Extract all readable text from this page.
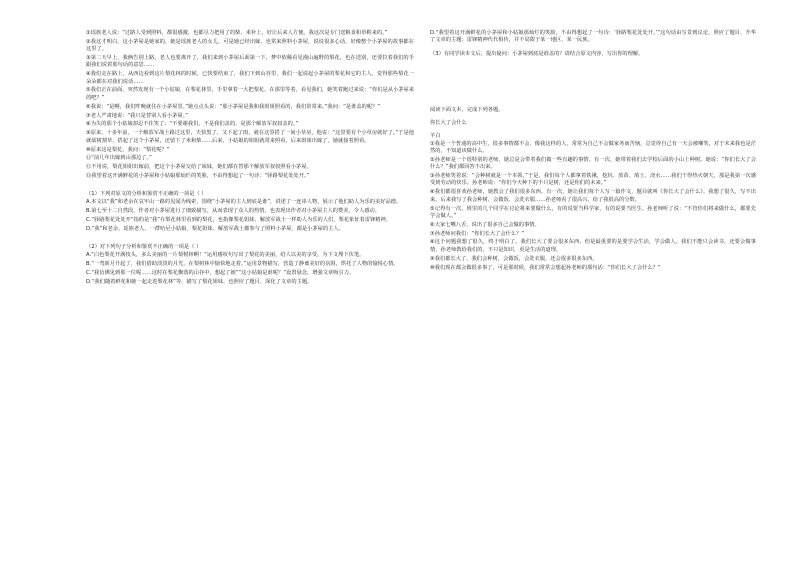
①瑶族老人说：“过路人受到照料，都很感激，也都尽力把用了的柴、米补上，好让后来人方便。我这次是专门送粮食和草鞋来的。”

②我这才明白，这小茅屋是她家的，她是瑶族老人的女儿，可是她已经出嫁，也常来照料小茅屋，说说很多心话，好像整个小茅屋的故事都在这里了。

③第二天早上，我俩告别上路。老人也要离开了，我们来到小茅屋后面第一下，梦中依稀看见漫山遍野的梨花，也在送别，还要拉着我们的手跟我们说着那句话的意思……

④我们走在路上，从西边看到这片梨花林的时候，已快要结束了，我们下到山谷里，我们一起说起小茅屋的梨花和它的主人，觉得那些梨花一朵朵都在对我们说话……

⑤我们正在前面，突然发现有一个小姑娘，在梨花林里，手里拿着一大把梨花，在那里等着，看见我们，她笑着跑过来说：“你们是从小茅屋来的吧？”

⑥我说：“是啊，我们昨晚就住在小茅屋里。”她点点头说：“那小茅屋是我和我姐姐照看的，我们常常来。”我问：“是谁盖的呢？”

⑦老人严肃地说：“我只是替别人看小茅屋。”

⑧为失的那个小姑娘却忍不住笑了：“不要谢我们，不是我们盖的，是那个解放军叔叔盖的。”

⑨原来，十多年前，一个解放军战士路过这里，天快黑了，又下起了雨，就在这里搭了一间小草房，他说：“这里要有个小草房就好了。”于是他就砍树割草，搭起了这个小茅屋，还留下了米和柴……后来，小姑娘的姐姐就常来照看，后来姐姐出嫁了，她就接着照看。

⑩原来这是梨花，我问：“梨花呢？”

⑪“前几年出嫁到山那边了。”

⑫不用说，梨花姐姐出嫁前，把这个小茅屋交给了妹妹，她们都在替那个解放军叔叔照看小茅屋。

⑬我望着这开满鲜花的小茅屋和小姑娘那灿烂的笑脸，不由得想起了一句诗：“驿路梨花处处开。”

（1）下列对原文的分析和鉴赏不正确的一项是（ ）

A.本文以“我”和老余在哀牢山一路的见闻为线索，围绕“小茅屋的主人到底是谁”，讲述了一连串人物，展示了他们助人为乐的美好品德。

B.第七至十二自然段，作者对小茅屋进行了细致描写，从而表现了众人的热情，也表现出作者对小茅屋主人的赞美，令人感动。

C.“驿路梨花处处开”指的是“我”在梨花林里看到的梨花，也指像梨花姐妹、解放军战士一样助人为乐的人们，梨花象征着雷锋精神。

D.“我”和老余、瑶族老人、一群哈尼小姑娘、梨花姐妹、解放军战士都参与了照料小茅屋，都是小茅屋的主人。

（2）对下列句子分析和鉴赏不正确的一项是（ ）

A.“白色梨花开满枝头，多么美丽的一片梨树林啊！”运用感叹句写出了梨花的美丽，给人以美的享受，为下文埋下伏笔。

B.“一弯新月升起了，我们借助淡淡的月光，在梨树林中愉快地走着。”运用景物描写，营造了静谧美好的氛围，烘托了人物的愉悦心情。

C.“我仿佛见到那一位呢……这时在梨花飘落的山谷中，想起了她”“这小姑娘是谁呢？”设置悬念，增强文章吸引力。

D.“我们随着鲜花和她一起走进梨花林”等，描写了梨花姐妹，也照应了题目，深化了文章的主题。

D.“我望着这开满鲜花的小茅屋和小姑娘那灿烂的笑脸，不由得想起了一句诗：‘驿路梨花处处开。’”这句话由写景到议论，照应了题目，升华了文章的主题：雷锋精神代代相传，并不局限于某一地区、某一民族。

（3）有同学读本文后，提出疑问：小茅屋到底是谁盖的？请结合原文内容，写出你的理解。

阅读下面文本，完成下列各题。

你长大了会什么

羊白

①我是一个普通的高中生，很多事情都不会，像我这样的人，常常为自己不会做家务而苦恼，总觉得自己有一天会被嘲笑，对于未来我也是茫然的，不知道该做什么。

②孙老师是一个很特别的老师，她总是会带着我们做一些有趣的事情。有一次，她带着我们去学校后面的小山上种树。她说：“你们长大了会什么？”我们都回答不出来。

③孙老师笑着说：“会种树就是一个本领。”于是，我们每个人都拿着铁锹，挖坑、放苗、填土、浇水……我们干得热火朝天，那是我第一次感受到劳动的快乐。孙老师说：“你们今天种下的不只是树，还是你们的未来。”

④我们都很喜欢孙老师，她教会了我们很多东西。有一次，她让我们每个人写一篇作文，题目就叫《你长大了会什么》。我想了很久，写不出来，后来我写了我会种树、会做饭、会洗衣服……孙老师看了很高兴，给了我很高的分数。

⑤记得有一次，班里的几个同学在讨论将来要做什么，有的说要当科学家，有的说要当医生。孙老师听了说：“不管你们将来做什么，都要先学会做人。”

⑥大家七嘴八舌，说出了很多自己会做的事情。

⑦孙老师问我们：“你们长大了会什么？”

⑧这个问题我想了很久，终于明白了。我们长大了要会很多东西，但是最重要的是要学会生活，学会做人。我们不能只会读书，还要会做事情，孙老师教给我们的，不只是知识，更是生活的道理。

⑨我们都长大了，我们会种树，会做饭，会洗衣服，还会很多很多东西。

⑩我们现在都会做很多事了，可是那时候，我们常常会想起孙老师的那句话：“你们长大了会什么？”
